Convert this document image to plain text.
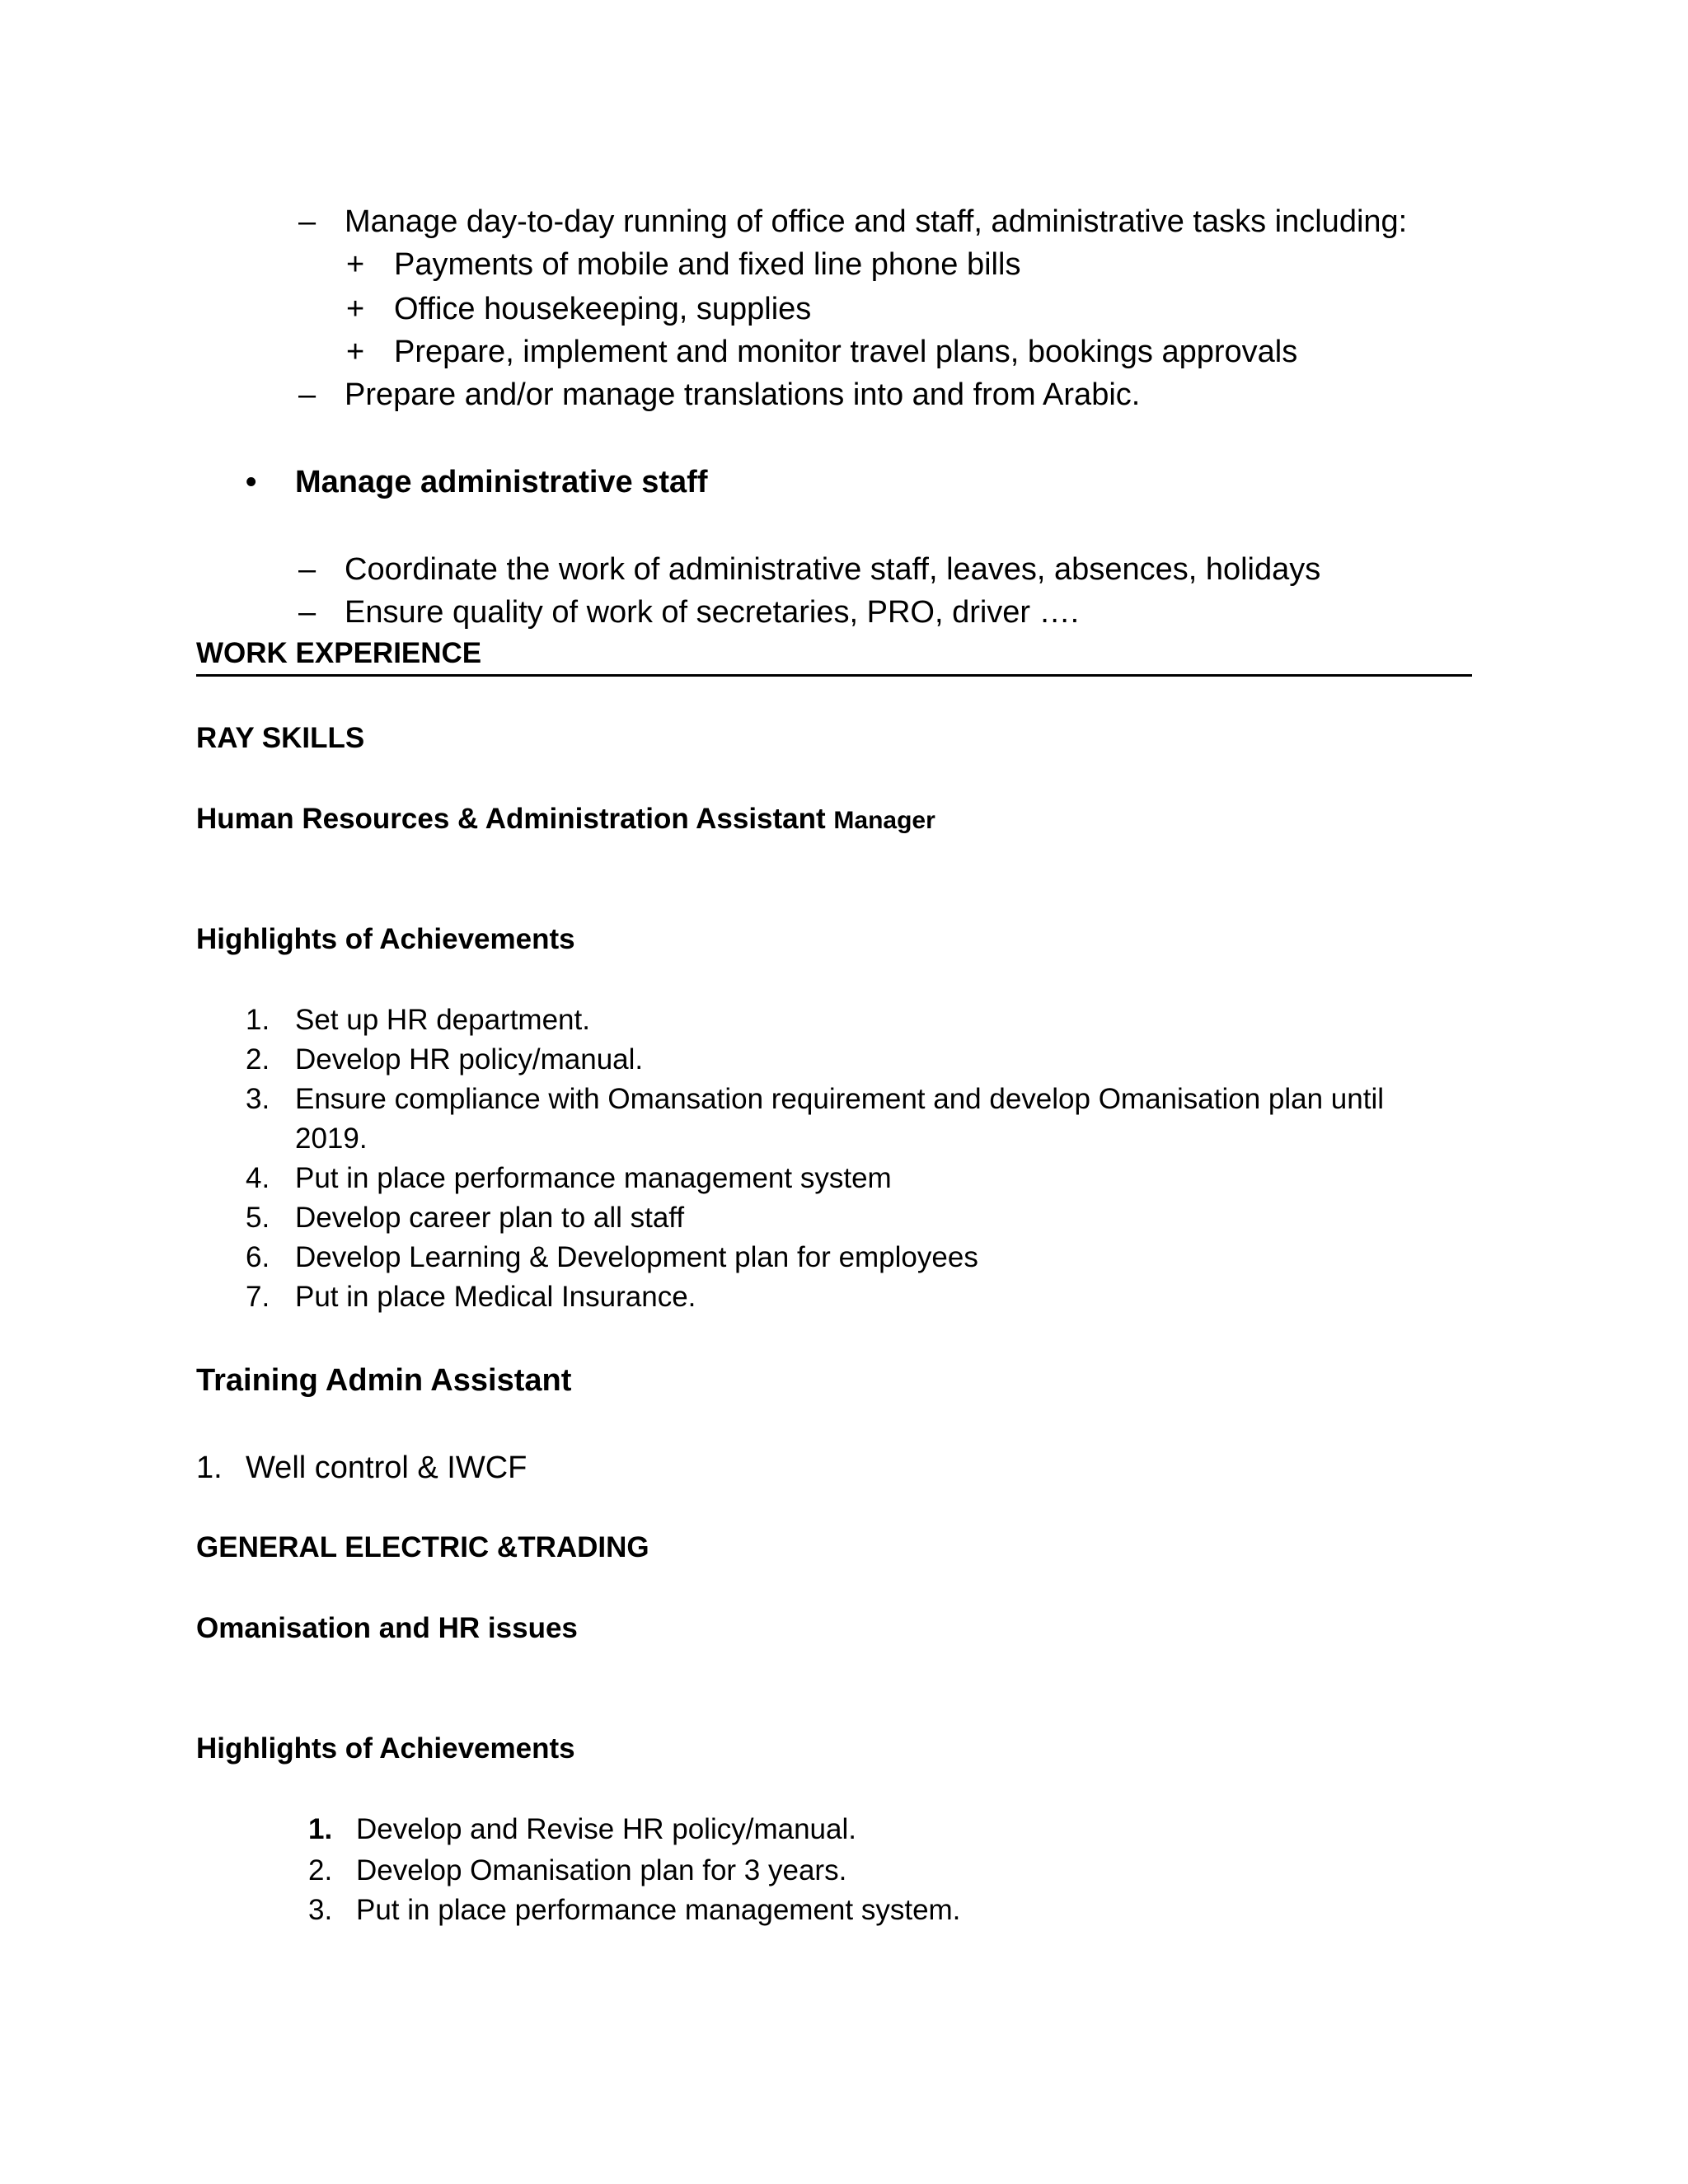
– Manage day-to-day running of office and staff, administrative tasks including:
+ Payments of mobile and fixed line phone bills
+ Office housekeeping, supplies
+ Prepare, implement and monitor travel plans, bookings approvals
– Prepare and/or manage translations into and from Arabic.
• Manage administrative staff
– Coordinate the work of administrative staff, leaves, absences, holidays
– Ensure quality of work of secretaries, PRO, driver ….
WORK EXPERIENCE
RAY SKILLS
Human Resources & Administration Assistant Manager
Highlights of Achievements
1. Set up HR department.
2. Develop HR policy/manual.
3. Ensure compliance with Omansation requirement and develop Omanisation plan until
2019.
4. Put in place performance management system
5. Develop career plan to all staff
6. Develop Learning & Development plan for employees
7. Put in place Medical Insurance.
Training Admin Assistant
1. Well control & IWCF
GENERAL ELECTRIC &TRADING
Omanisation and HR issues
Highlights of Achievements
1. Develop and Revise HR policy/manual.
2. Develop Omanisation plan for 3 years.
3. Put in place performance management system.
